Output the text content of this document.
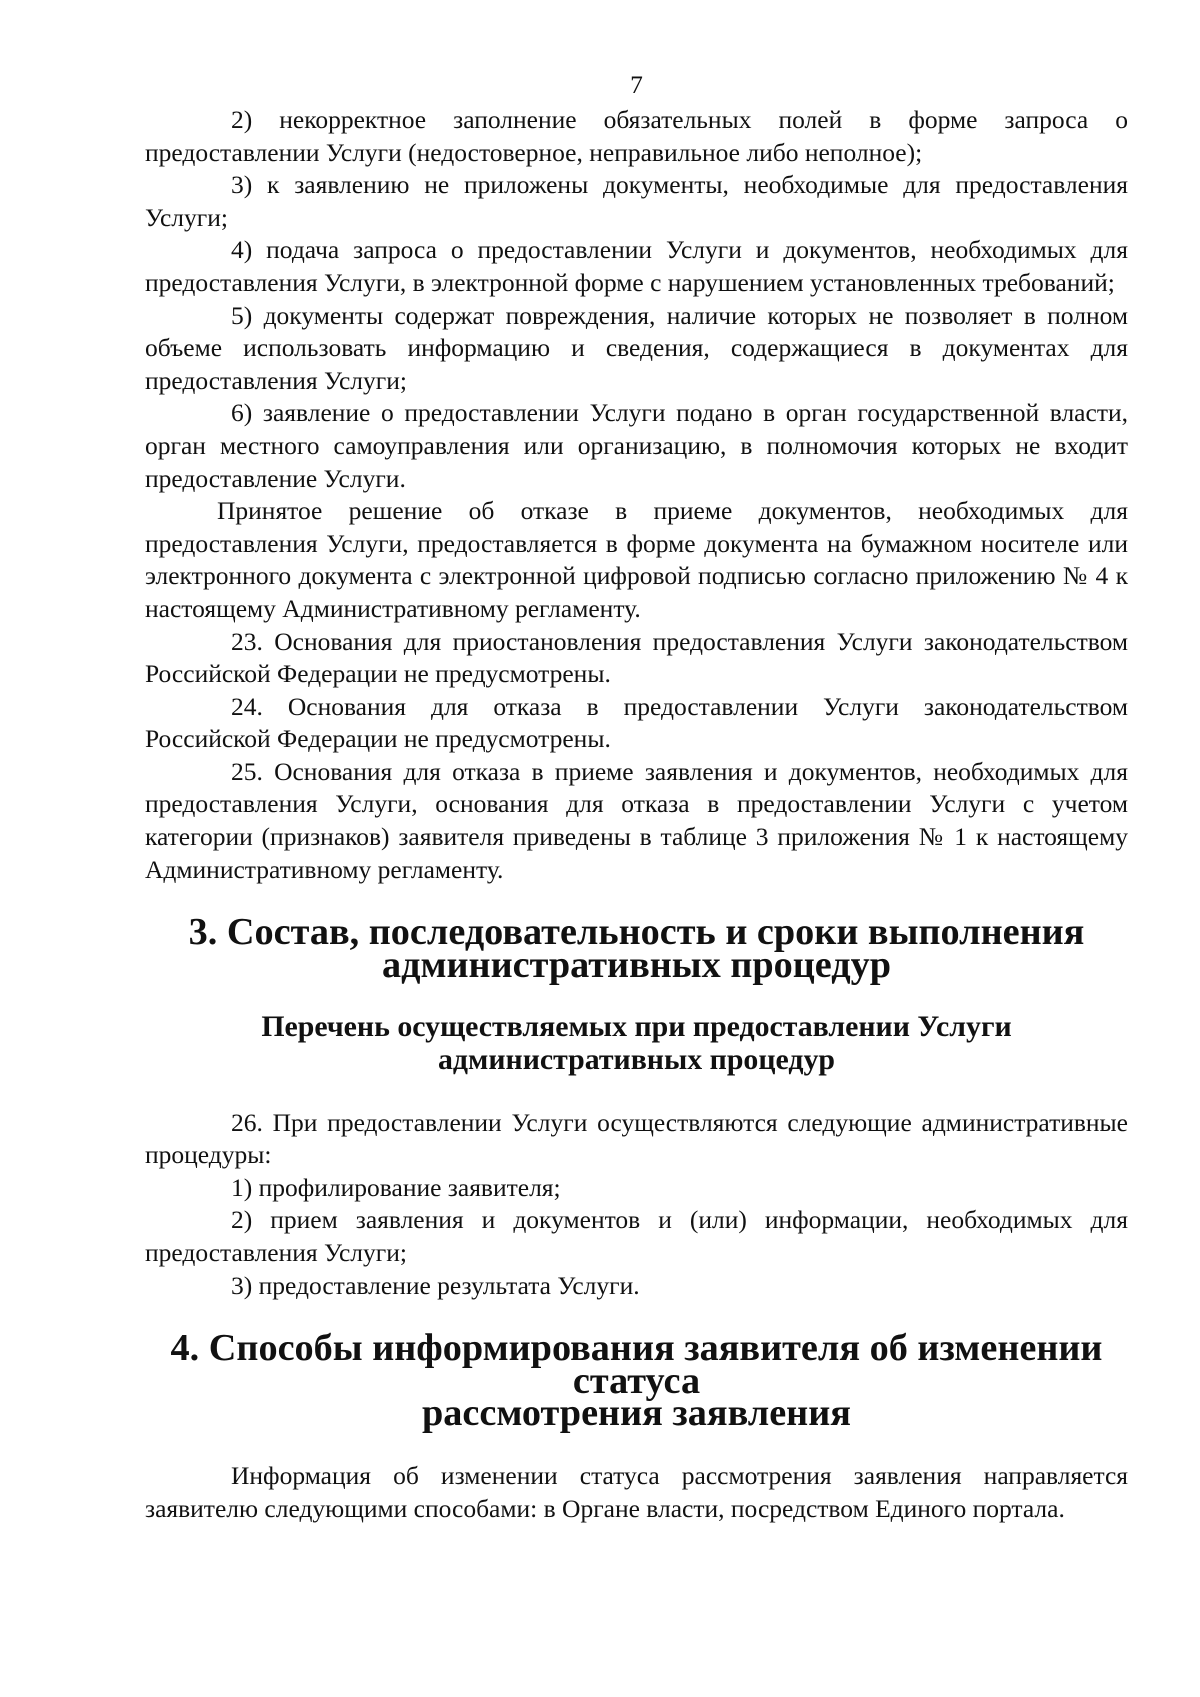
7

2) некорректное заполнение обязательных полей в форме запроса о предоставлении Услуги (недостоверное, неправильное либо неполное);

3) к заявлению не приложены документы, необходимые для предоставления Услуги;

4) подача запроса о предоставлении Услуги и документов, необходимых для предоставления Услуги, в электронной форме с нарушением установленных требований;

5) документы содержат повреждения, наличие которых не позволяет в полном объеме использовать информацию и сведения, содержащиеся в документах для предоставления Услуги;

6) заявление о предоставлении Услуги подано в орган государственной власти, орган местного самоуправления или организацию, в полномочия которых не входит предоставление Услуги.

Принятое решение об отказе в приеме документов, необходимых для предоставления Услуги, предоставляется в форме документа на бумажном носителе или электронного документа с электронной цифровой подписью согласно приложению № 4 к настоящему Административному регламенту.

23. Основания для приостановления предоставления Услуги законодательством Российской Федерации не предусмотрены.

24. Основания для отказа в предоставлении Услуги законодательством Российской Федерации не предусмотрены.

25. Основания для отказа в приеме заявления и документов, необходимых для предоставления Услуги, основания для отказа в предоставлении Услуги с учетом категории (признаков) заявителя приведены в таблице 3 приложения № 1 к настоящему Административному регламенту.

3. Состав, последовательность и сроки выполнения
административных процедур
Перечень осуществляемых при предоставлении Услуги
административных процедур

26. При предоставлении Услуги осуществляются следующие административные процедуры:

1) профилирование заявителя;

2) прием заявления и документов и (или) информации, необходимых для предоставления Услуги;

3) предоставление результата Услуги.

4. Способы информирования заявителя об изменении статуса
рассмотрения заявления

Информация об изменении статуса рассмотрения заявления направляется заявителю следующими способами: в Органе власти, посредством Единого портала.
